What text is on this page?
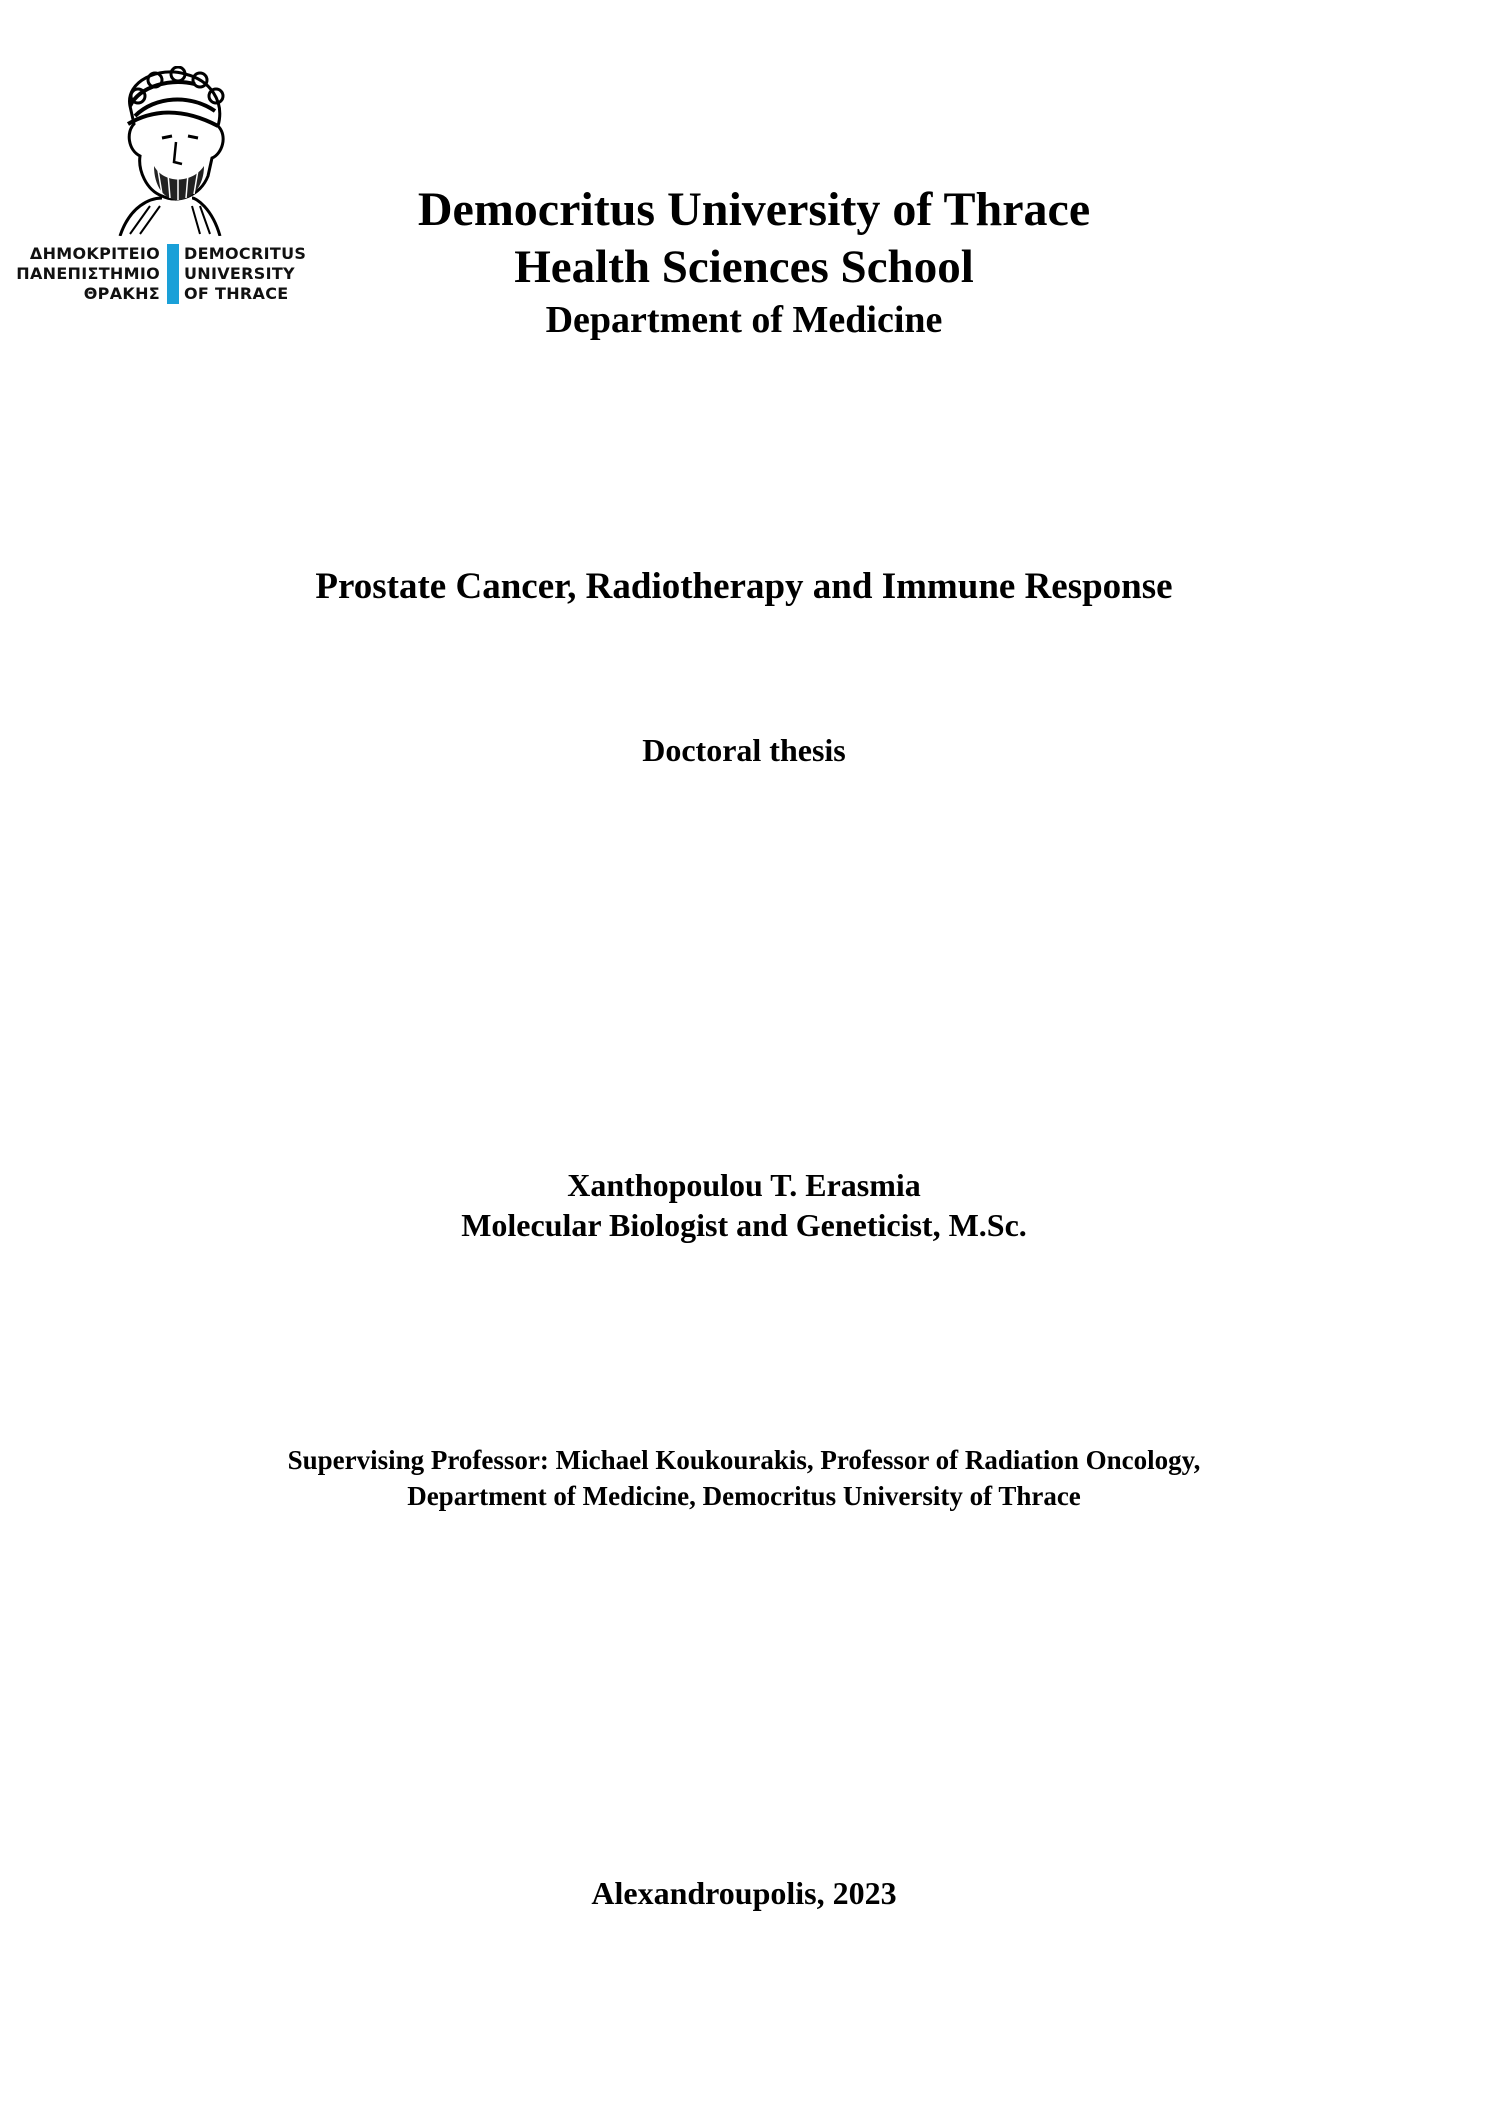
ΔΗΜΟΚΡΙΤΕΙΟ
ΠΑΝΕΠΙΣΤΗΜΙΟ
ΘΡΑΚΗΣ
DEMOCRITUS
UNIVERSITY
OF THRACE
Democritus University of Thrace
Health Sciences School
Department of Medicine
Prostate Cancer, Radiotherapy and Immune Response
Doctoral thesis
Xanthopoulou T. Erasmia
Molecular Biologist and Geneticist, M.Sc.
Supervising Professor: Michael Koukourakis, Professor of Radiation Oncology,
Department of Medicine, Democritus University of Thrace
Alexandroupolis, 2023
